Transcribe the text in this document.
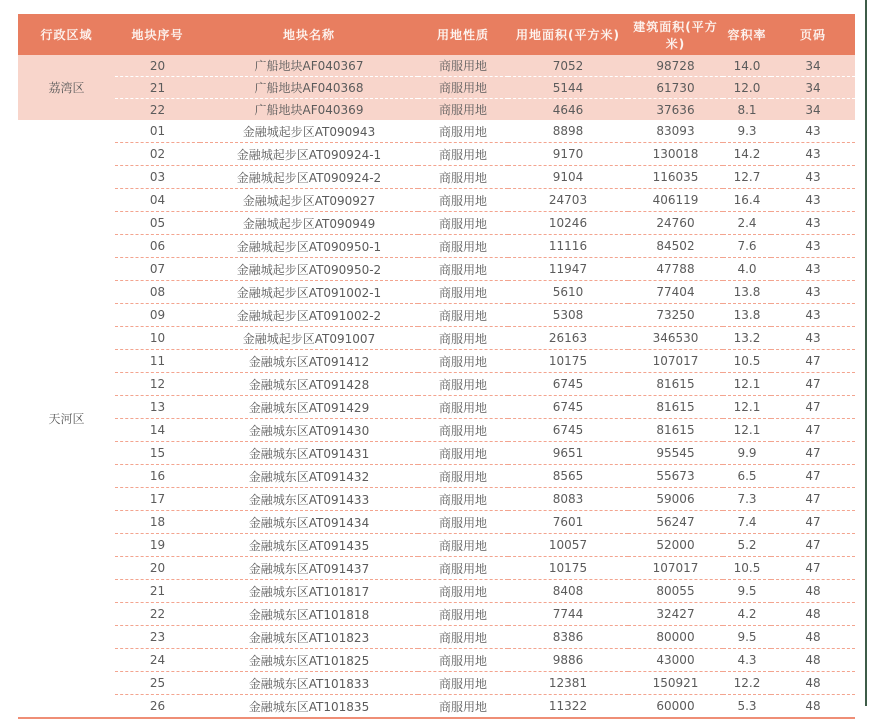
行政区域	地块序号	地块名称	用地性质	用地面积(平方米)	建筑面积(平方米)	容积率	页码
荔湾区	20	广船地块AF040367	商服用地	7052	98728	14.0	34
	21	广船地块AF040368	商服用地	5144	61730	12.0	34
	22	广船地块AF040369	商服用地	4646	37636	8.1	34
天河区	01	金融城起步区AT090943	商服用地	8898	83093	9.3	43
	02	金融城起步区AT090924-1	商服用地	9170	130018	14.2	43
	03	金融城起步区AT090924-2	商服用地	9104	116035	12.7	43
	04	金融城起步区AT090927	商服用地	24703	406119	16.4	43
	05	金融城起步区AT090949	商服用地	10246	24760	2.4	43
	06	金融城起步区AT090950-1	商服用地	11116	84502	7.6	43
	07	金融城起步区AT090950-2	商服用地	11947	47788	4.0	43
	08	金融城起步区AT091002-1	商服用地	5610	77404	13.8	43
	09	金融城起步区AT091002-2	商服用地	5308	73250	13.8	43
	10	金融城起步区AT091007	商服用地	26163	346530	13.2	43
	11	金融城东区AT091412	商服用地	10175	107017	10.5	47
	12	金融城东区AT091428	商服用地	6745	81615	12.1	47
	13	金融城东区AT091429	商服用地	6745	81615	12.1	47
	14	金融城东区AT091430	商服用地	6745	81615	12.1	47
	15	金融城东区AT091431	商服用地	9651	95545	9.9	47
	16	金融城东区AT091432	商服用地	8565	55673	6.5	47
	17	金融城东区AT091433	商服用地	8083	59006	7.3	47
	18	金融城东区AT091434	商服用地	7601	56247	7.4	47
	19	金融城东区AT091435	商服用地	10057	52000	5.2	47
	20	金融城东区AT091437	商服用地	10175	107017	10.5	47
	21	金融城东区AT101817	商服用地	8408	80055	9.5	48
	22	金融城东区AT101818	商服用地	7744	32427	4.2	48
	23	金融城东区AT101823	商服用地	8386	80000	9.5	48
	24	金融城东区AT101825	商服用地	9886	43000	4.3	48
	25	金融城东区AT101833	商服用地	12381	150921	12.2	48
	26	金融城东区AT101835	商服用地	11322	60000	5.3	48
